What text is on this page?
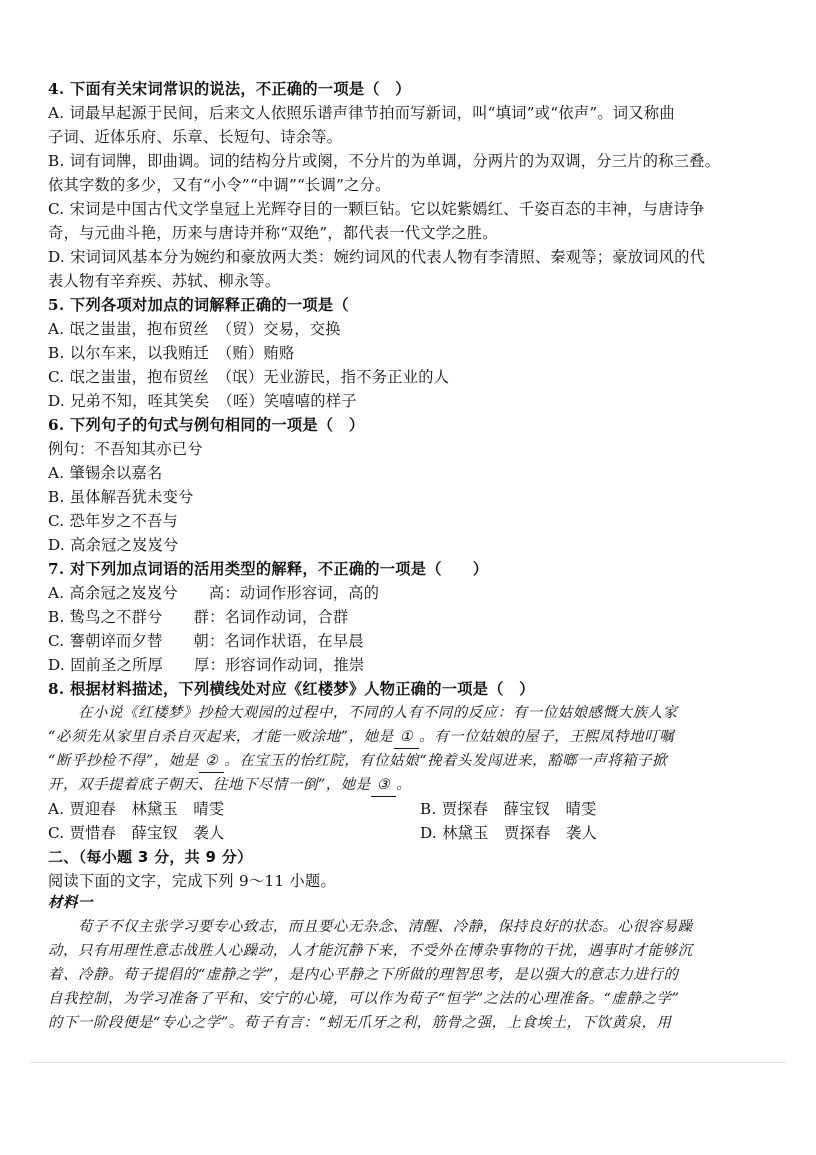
4. 下面有关宋词常识的说法，不正确的一项是（　）
A. 词最早起源于民间，后来文人依照乐谱声律节拍而写新词，叫“填词”或“依声”。词又称曲
子词、近体乐府、乐章、长短句、诗余等。
B. 词有词牌，即曲调。词的结构分片或阕，不分片的为单调，分两片的为双调，分三片的称三叠。
依其字数的多少，又有“小令”“中调”“长调”之分。
C. 宋词是中国古代文学皇冠上光辉夺目的一颗巨钻。它以姹紫嫣红、千姿百态的丰神，与唐诗争
奇，与元曲斗艳，历来与唐诗并称“双绝”，都代表一代文学之胜。
D. 宋词词风基本分为婉约和豪放两大类：婉约词风的代表人物有李清照、秦观等；豪放词风的代
表人物有辛弃疾、苏轼、柳永等。
5. 下列各项对加点的词解释正确的一项是（
A. 氓之蚩蚩，抱布贸丝　（贸）交易，交换
B. 以尔车来，以我贿迁　（贿）贿赂
C. 氓之蚩蚩，抱布贸丝　（氓）无业游民，指不务正业的人
D. 兄弟不知，咥其笑矣　（咥）笑嘻嘻的样子
6. 下列句子的句式与例句相同的一项是（　）
例句：不吾知其亦已兮
A. 肇锡余以嘉名
B. 虽体解吾犹未变兮
C. 恐年岁之不吾与
D. 高余冠之岌岌兮
7. 对下列加点词语的活用类型的解释，不正确的一项是（　　）
A. 高余冠之岌岌兮　　高：动词作形容词，高的
B. 鸷鸟之不群兮　　群：名词作动词，合群
C. 謇朝谇而夕替　　朝：名词作状语，在早晨
D. 固前圣之所厚　　厚：形容词作动词，推崇
8. 根据材料描述，下列横线处对应《红楼梦》人物正确的一项是（　）
在小说《红楼梦》抄检大观园的过程中，不同的人有不同的反应：有一位姑娘感慨大族人家
“必须先从家里自杀自灭起来，才能一败涂地”，她是 ① 。有一位姑娘的屋子，王熙凤特地叮嘱
“断乎抄检不得”，她是 ② 。在宝玉的怡红院，有位姑娘“挽着头发闯进来，豁啷一声将箱子掀
开，双手提着底子朝天、往地下尽情一倒”，她是 ③ 。
A. 贾迎春　林黛玉　晴雯	B. 贾探春　薛宝钗　晴雯
C. 贾惜春　薛宝钗　袭人	D. 林黛玉　贾探春　袭人
二、（每小题 3 分，共 9 分）
阅读下面的文字，完成下列 9～11 小题。
材料一
荀子不仅主张学习要专心致志，而且要心无杂念、清醒、冷静，保持良好的状态。心很容易躁
动，只有用理性意志战胜人心躁动，人才能沉静下来，不受外在博杂事物的干扰，遇事时才能够沉
着、冷静。荀子提倡的“虚静之学”，是内心平静之下所做的理智思考，是以强大的意志力进行的
自我控制，为学习准备了平和、安宁的心境，可以作为荀子“恒学”之法的心理准备。“虚静之学”
的下一阶段便是“专心之学”。荀子有言：“蚓无爪牙之利，筋骨之强，上食埃土，下饮黄泉，用
